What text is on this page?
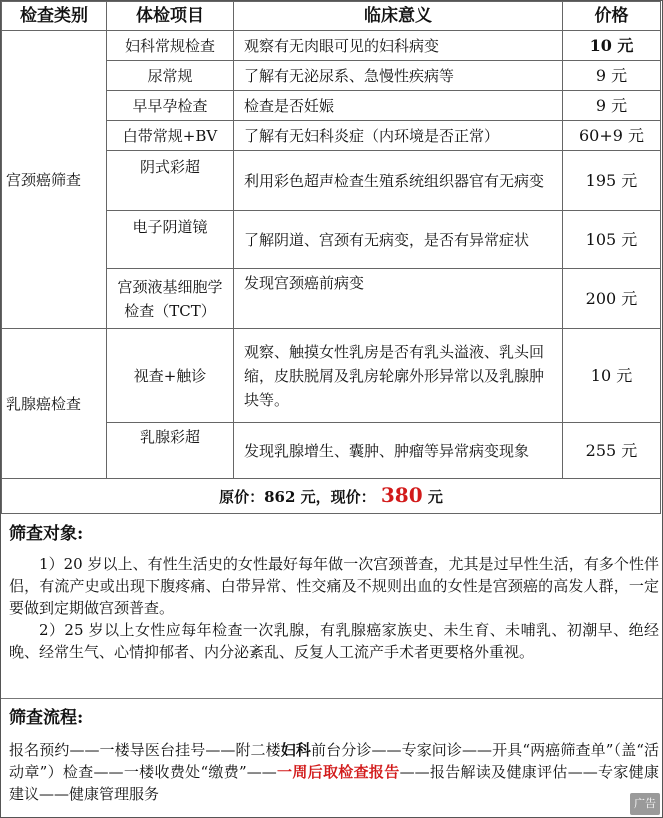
检查类别	体检项目	临床意义	价格
宫颈癌筛查	妇科常规检查	观察有无肉眼可见的妇科病变	10 元
	尿常规	了解有无泌尿系、急慢性疾病等	9 元
	早早孕检查	检查是否妊娠	9 元
	白带常规+BV	了解有无妇科炎症（内环境是否正常）	60+9 元
	阴式彩超	利用彩色超声检查生殖系统组织器官有无病变	195 元
	电子阴道镜	了解阴道、宫颈有无病变，是否有异常症状	105 元
	宫颈液基细胞学检查（TCT）	发现宫颈癌前病变	200 元
乳腺癌检查	视查+触诊	观察、触摸女性乳房是否有乳头溢液、乳头回缩，皮肤脱屑及乳房轮廓外形异常以及乳腺肿块等。	10 元
	乳腺彩超	发现乳腺增生、囊肿、肿瘤等异常病变现象	255 元
原价：862 元，现价： 380 元			
筛查对象:
1）20 岁以上、有性生活史的女性最好每年做一次宫颈普查，尤其是过早性生活，有多个性伴侣，有流产史或出现下腹疼痛、白带异常、性交痛及不规则出血的女性是宫颈癌的高发人群，一定要做到定期做宫颈普查。
2）25 岁以上女性应每年检查一次乳腺，有乳腺癌家族史、未生育、未哺乳、初潮早、绝经晚、经常生气、心情抑郁者、内分泌紊乱、反复人工流产手术者更要格外重视。
筛查流程:
报名预约——一楼导医台挂号——附二楼妇科前台分诊——专家问诊——开具“两癌筛查单”（盖“活动章”）检查——一楼收费处“缴费”——一周后取检查报告——报告解读及健康评估——专家健康建议——健康管理服务
广告
